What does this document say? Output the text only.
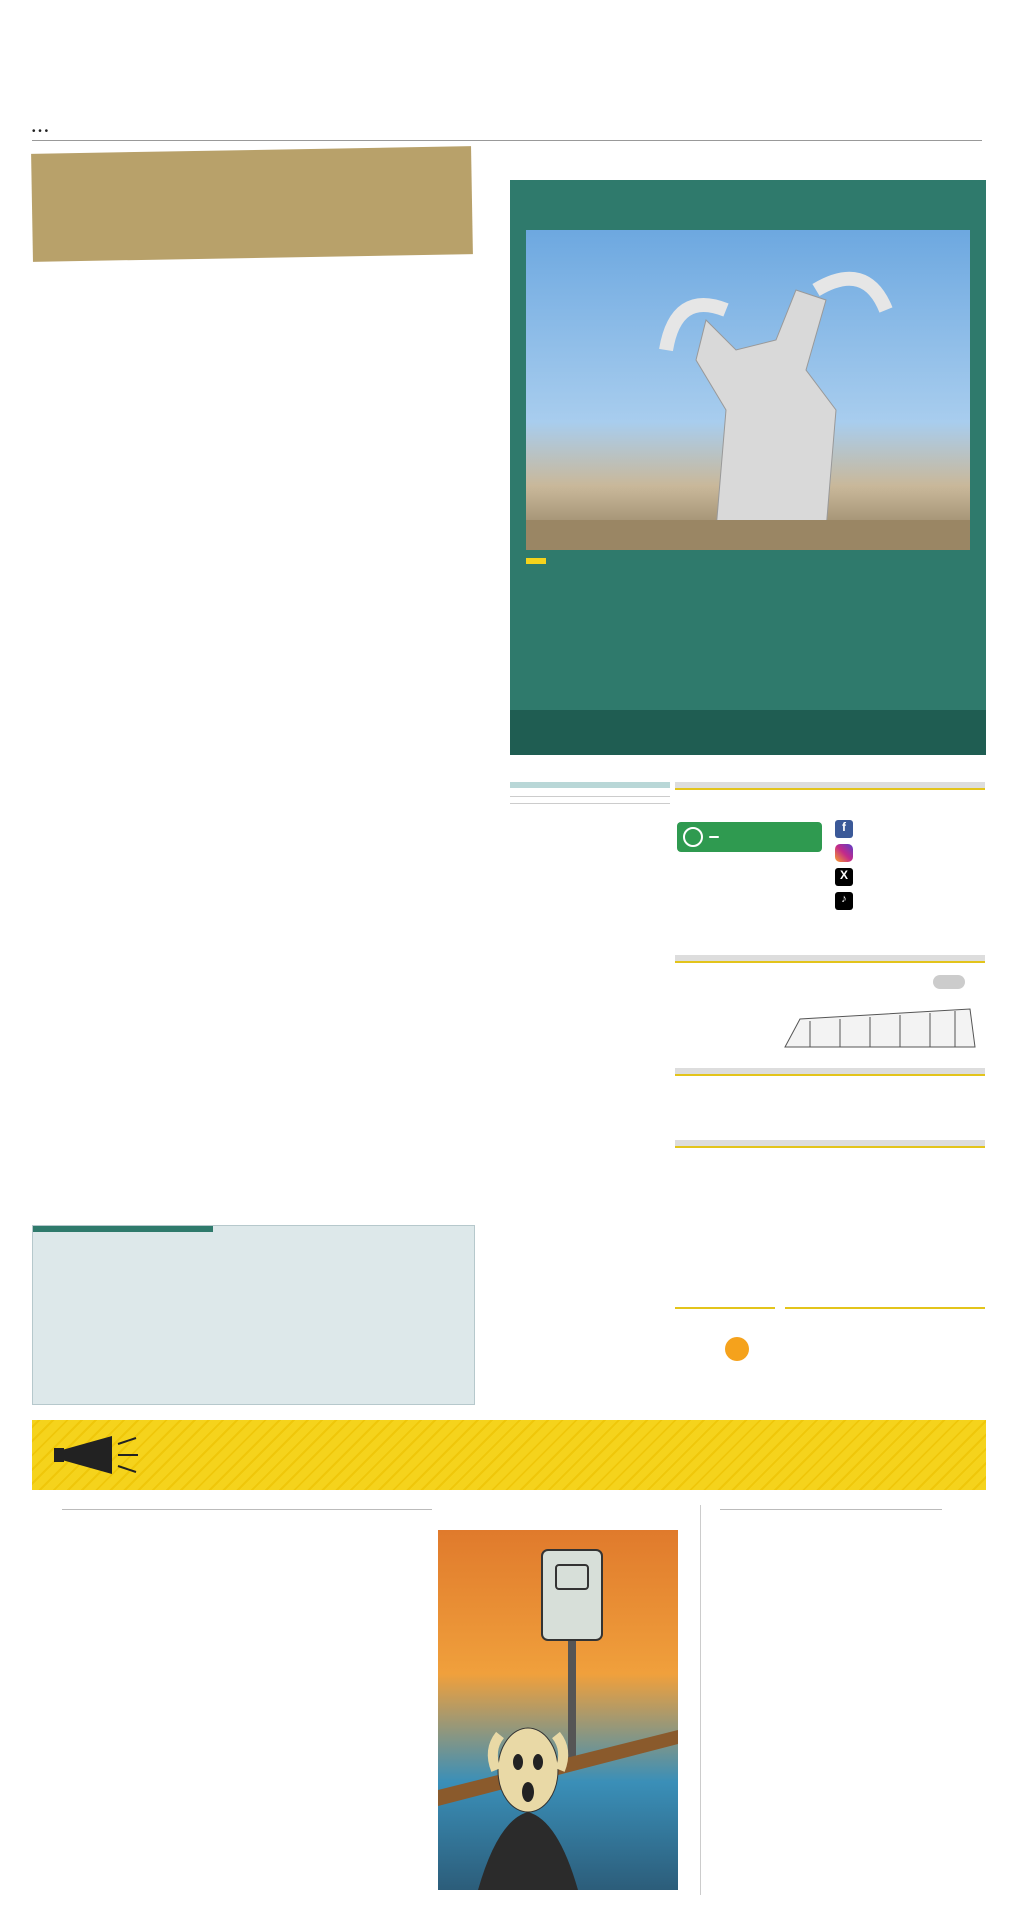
• • •
f
X
♪
